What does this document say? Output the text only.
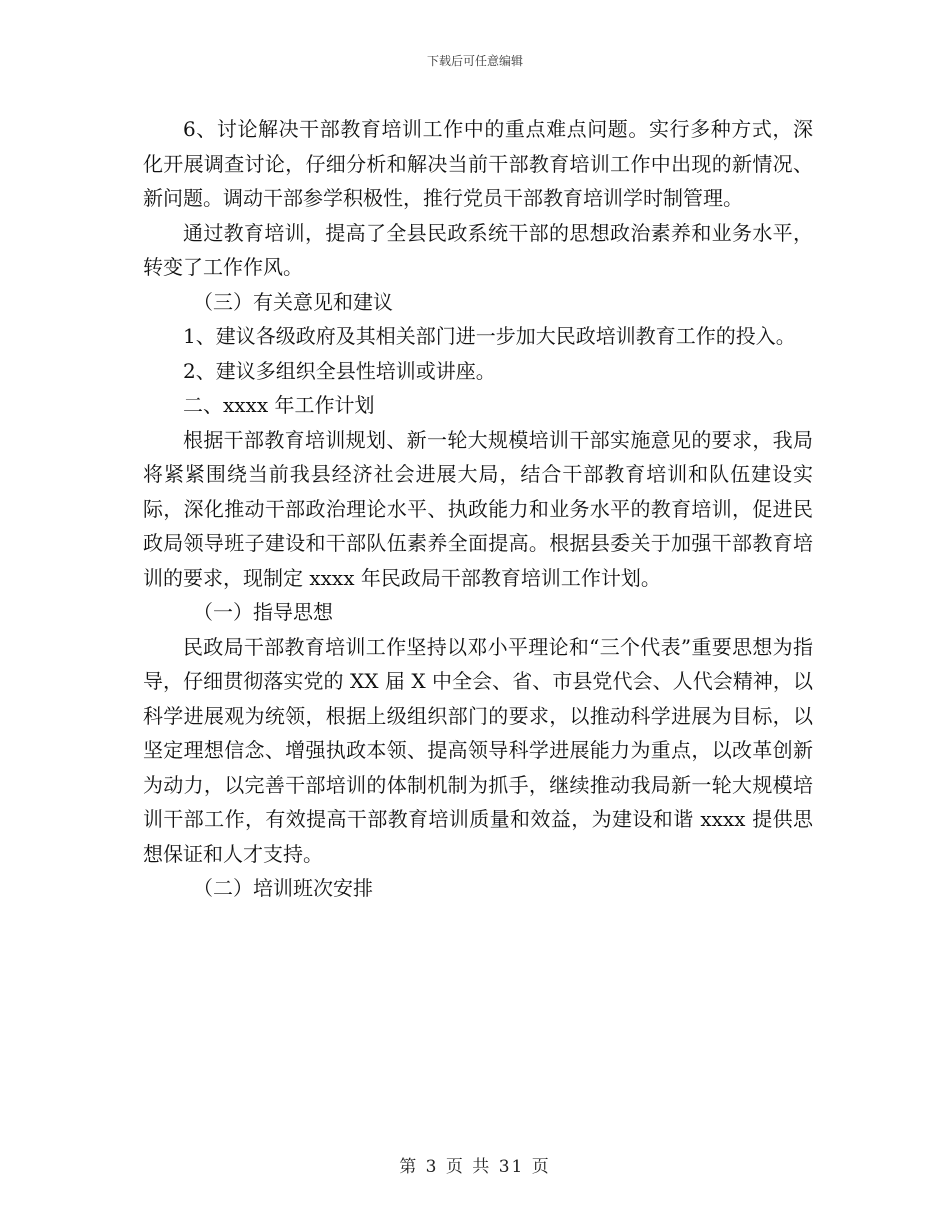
下载后可任意编辑

6、讨论解决干部教育培训工作中的重点难点问题。实行多种方式，深化开展调查讨论，仔细分析和解决当前干部教育培训工作中出现的新情况、新问题。调动干部参学积极性，推行党员干部教育培训学时制管理。

通过教育培训，提高了全县民政系统干部的思想政治素养和业务水平，转变了工作作风。

（三）有关意见和建议

1、建议各级政府及其相关部门进一步加大民政培训教育工作的投入。

2、建议多组织全县性培训或讲座。

二、xxxx 年工作计划

根据干部教育培训规划、新一轮大规模培训干部实施意见的要求，我局将紧紧围绕当前我县经济社会进展大局，结合干部教育培训和队伍建设实际，深化推动干部政治理论水平、执政能力和业务水平的教育培训，促进民政局领导班子建设和干部队伍素养全面提高。根据县委关于加强干部教育培训的要求，现制定 xxxx 年民政局干部教育培训工作计划。

（一）指导思想

民政局干部教育培训工作坚持以邓小平理论和“三个代表”重要思想为指导，仔细贯彻落实党的 XX 届 X 中全会、省、市县党代会、人代会精神，以科学进展观为统领，根据上级组织部门的要求，以推动科学进展为目标，以坚定理想信念、增强执政本领、提高领导科学进展能力为重点，以改革创新为动力，以完善干部培训的体制机制为抓手，继续推动我局新一轮大规模培训干部工作，有效提高干部教育培训质量和效益，为建设和谐 xxxx 提供思想保证和人才支持。

（二）培训班次安排

第 3 页 共 31 页
